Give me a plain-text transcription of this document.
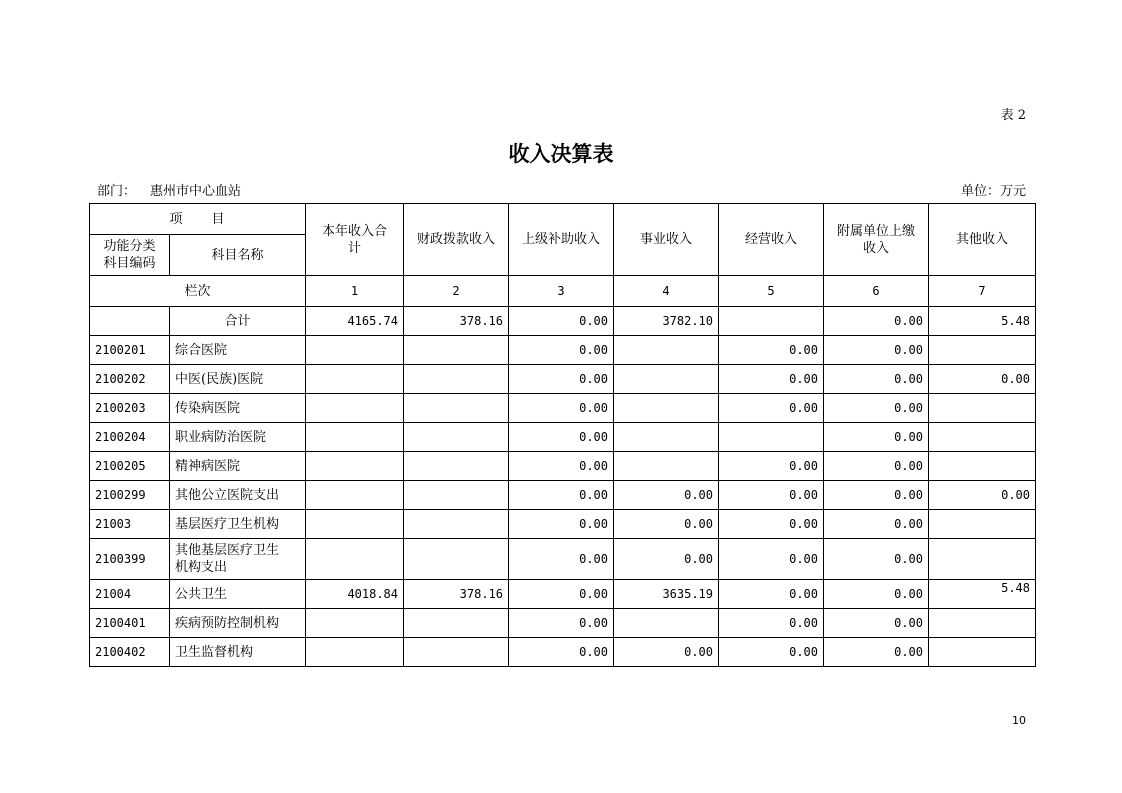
表 2
收入决算表
部门： 惠州市中心血站	单位：万元
项　　目		本年收入合
计	财政拨款收入	上级补助收入	事业收入	经营收入	附属单位上缴
收入	其他收入
功能分类
科目编码	科目名称							
栏次		1	2	3	4	5	6	7
	合计	4165.74	378.16	0.00	3782.10		0.00	5.48
2100201	综合医院			0.00		0.00	0.00	
2100202	中医(民族)医院			0.00		0.00	0.00	0.00
2100203	传染病医院			0.00		0.00	0.00	
2100204	职业病防治医院			0.00			0.00	
2100205	精神病医院			0.00		0.00	0.00	
2100299	其他公立医院支出			0.00	0.00	0.00	0.00	0.00
21003	基层医疗卫生机构			0.00	0.00	0.00	0.00	
2100399	其他基层医疗卫生
机构支出			0.00	0.00	0.00	0.00	
21004	公共卫生	4018.84	378.16	0.00	3635.19	0.00	0.00	5.48
2100401	疾病预防控制机构			0.00		0.00	0.00	
2100402	卫生监督机构			0.00	0.00	0.00	0.00	
10
